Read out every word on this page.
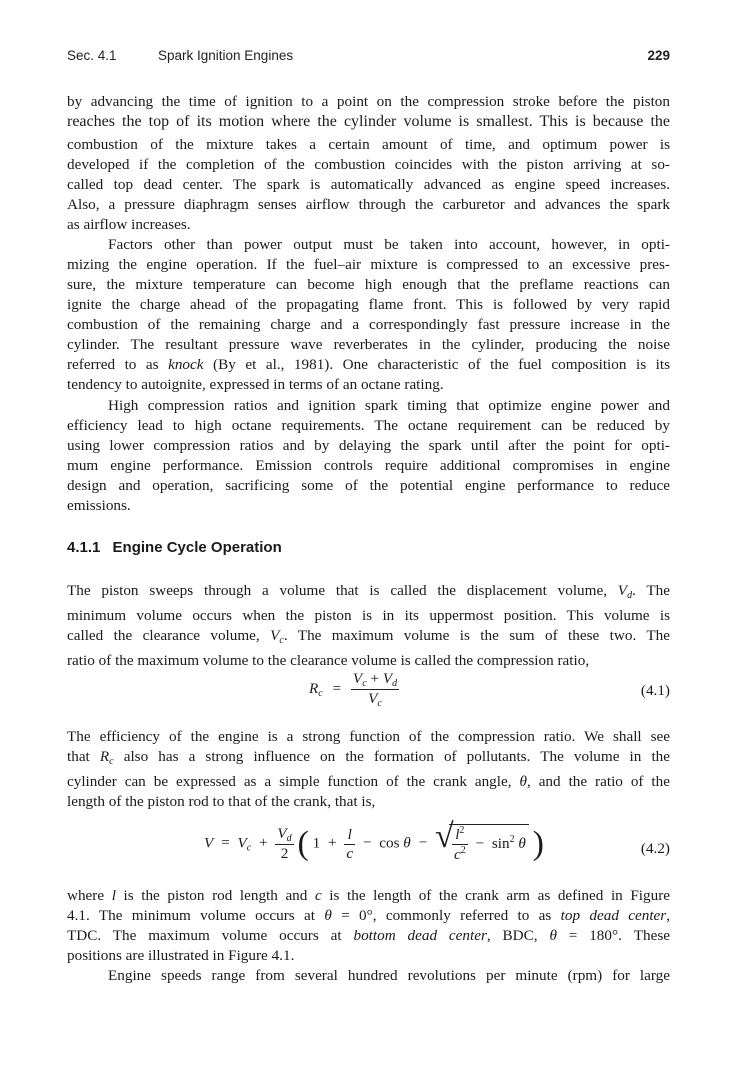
Sec. 4.1	Spark Ignition Engines	229
by advancing the time of ignition to a point on the compression stroke before the piston
reaches the top of its motion where the cylinder volume is smallest. This is because the
combustion of the mixture takes a certain amount of time, and optimum power is
developed if the completion of the combustion coincides with the piston arriving at so-
called top dead center. The spark is automatically advanced as engine speed increases.
Also, a pressure diaphragm senses airflow through the carburetor and advances the spark
as airflow increases.
Factors other than power output must be taken into account, however, in opti-
mizing the engine operation. If the fuel–air mixture is compressed to an excessive pres-
sure, the mixture temperature can become high enough that the preflame reactions can
ignite the charge ahead of the propagating flame front. This is followed by very rapid
combustion of the remaining charge and a correspondingly fast pressure increase in the
cylinder. The resultant pressure wave reverberates in the cylinder, producing the noise
referred to as knock (By et al., 1981). One characteristic of the fuel composition is its
tendency to autoignite, expressed in terms of an octane rating.
High compression ratios and ignition spark timing that optimize engine power and
efficiency lead to high octane requirements. The octane requirement can be reduced by
using lower compression ratios and by delaying the spark until after the point for opti-
mum engine performance. Emission controls require additional compromises in engine
design and operation, sacrificing some of the potential engine performance to reduce
emissions.
4.1.1 Engine Cycle Operation
The piston sweeps through a volume that is called the displacement volume, $V_d$. The
minimum volume occurs when the piston is in its uppermost position. This volume is
called the clearance volume, $V_c$. The maximum volume is the sum of these two. The
ratio of the maximum volume to the clearance volume is called the compression ratio,
$R_c = \frac{V_c + V_d}{V_c}$	(4.1)
The efficiency of the engine is a strong function of the compression ratio. We shall see
that $R_c$ also has a strong influence on the formation of pollutants. The volume in the
cylinder can be expressed as a simple function of the crank angle, θ, and the ratio of the
length of the piston rod to that of the crank, that is,
$V = V_c + \frac{V_d}{2}$ ( $1 + \frac{l}{c} - \cos \theta$ − √
$\frac{l^2}{c^2} - \sin^2 \theta$ )	(4.2)
where l is the piston rod length and c is the length of the crank arm as defined in Figure
4.1. The minimum volume occurs at θ = 0°, commonly referred to as top dead center,
TDC. The maximum volume occurs at bottom dead center, BDC, θ = 180°. These
positions are illustrated in Figure 4.1.
Engine speeds range from several hundred revolutions per minute (rpm) for large
